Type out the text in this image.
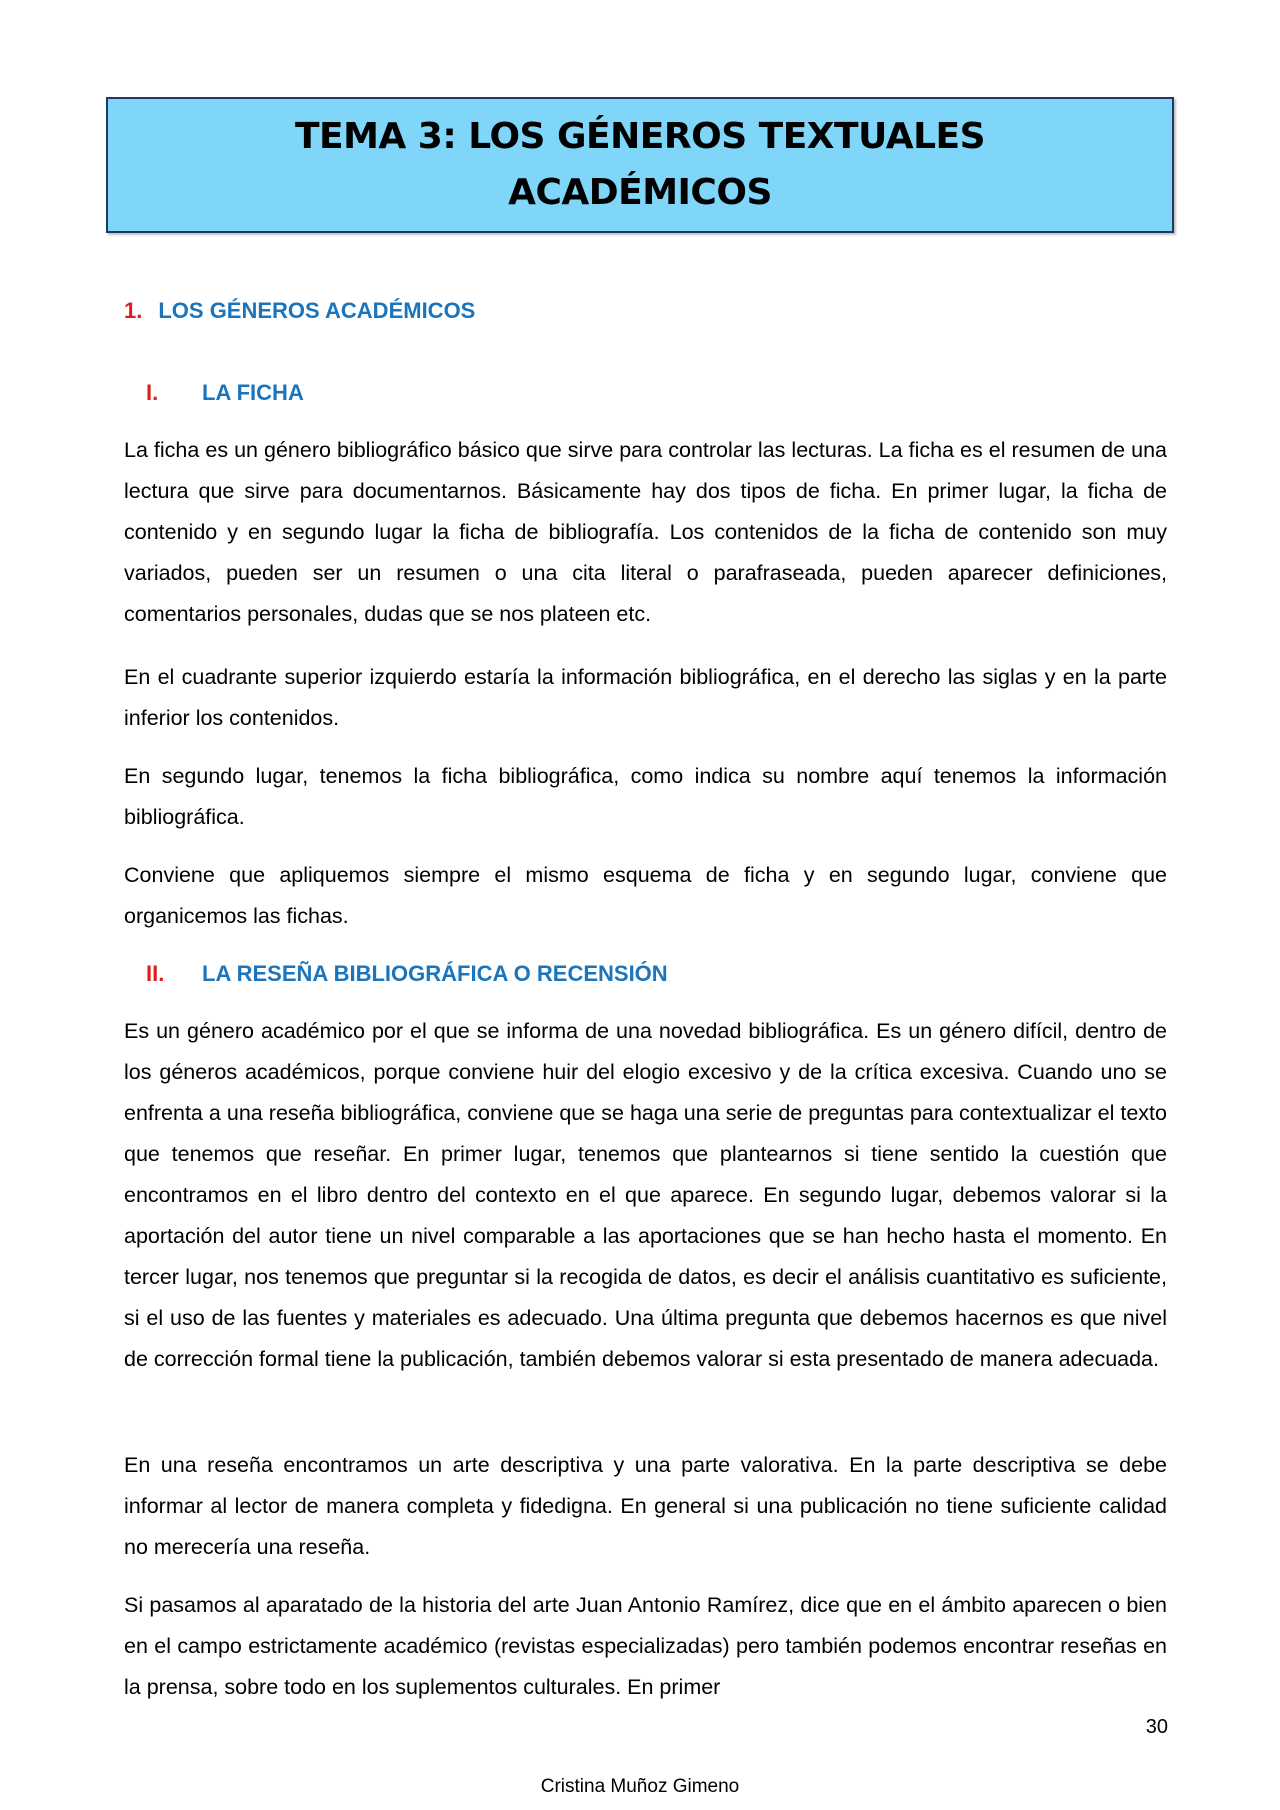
TEMA 3: LOS GÉNEROS TEXTUALES
ACADÉMICOS
1. LOS GÉNEROS ACADÉMICOS
I. LA FICHA

La ficha es un género bibliográfico básico que sirve para controlar las lecturas. La ficha es el resumen de una lectura que sirve para documentarnos. Básicamente hay dos tipos de ficha. En primer lugar, la ficha de contenido y en segundo lugar la ficha de bibliografía. Los contenidos de la ficha de contenido son muy variados, pueden ser un resumen o una cita literal o parafraseada, pueden aparecer definiciones, comentarios personales, dudas que se nos plateen etc.

En el cuadrante superior izquierdo estaría la información bibliográfica, en el derecho las siglas y en la parte inferior los contenidos.

En segundo lugar, tenemos la ficha bibliográfica, como indica su nombre aquí tenemos la información bibliográfica.

Conviene que apliquemos siempre el mismo esquema de ficha y en segundo lugar, conviene que organicemos las fichas.

II. LA RESEÑA BIBLIOGRÁFICA O RECENSIÓN

Es un género académico por el que se informa de una novedad bibliográfica. Es un género difícil, dentro de los géneros académicos, porque conviene huir del elogio excesivo y de la crítica excesiva. Cuando uno se enfrenta a una reseña bibliográfica, conviene que se haga una serie de preguntas para contextualizar el texto que tenemos que reseñar. En primer lugar, tenemos que plantearnos si tiene sentido la cuestión que encontramos en el libro dentro del contexto en el que aparece. En segundo lugar, debemos valorar si la aportación del autor tiene un nivel comparable a las aportaciones que se han hecho hasta el momento. En tercer lugar, nos tenemos que preguntar si la recogida de datos, es decir el análisis cuantitativo es suficiente, si el uso de las fuentes y materiales es adecuado. Una última pregunta que debemos hacernos es que nivel de corrección formal tiene la publicación, también debemos valorar si esta presentado de manera adecuada.

En una reseña encontramos un arte descriptiva y una parte valorativa. En la parte descriptiva se debe informar al lector de manera completa y fidedigna. En general si una publicación no tiene suficiente calidad no merecería una reseña.

Si pasamos al aparatado de la historia del arte Juan Antonio Ramírez, dice que en el ámbito aparecen o bien en el campo estrictamente académico (revistas especializadas) pero también podemos encontrar reseñas en la prensa, sobre todo en los suplementos culturales. En primer

30
Cristina Muñoz Gimeno
